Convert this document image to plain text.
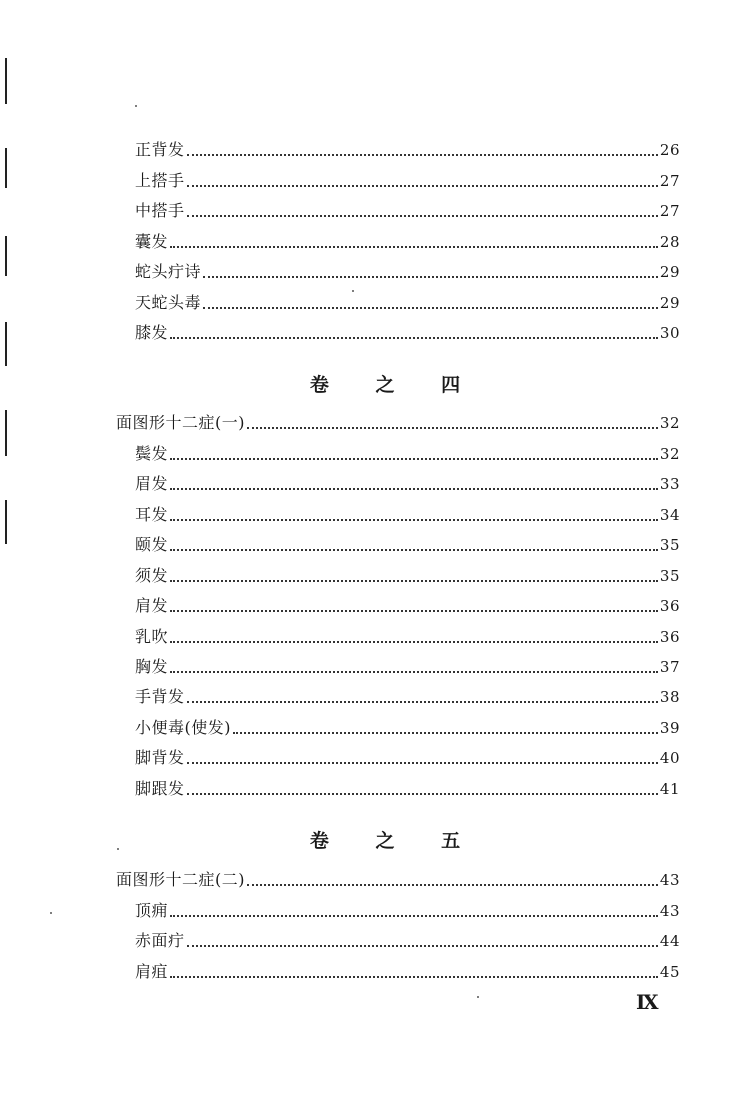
正背发	26
上搭手	27
中搭手	27
囊发	28
蛇头疔诗	29
天蛇头毒	29
膝发	30
卷 之 四
面图形十二症(一)	32
鬓发	32
眉发	33
耳发	34
颐发	35
须发	35
肩发	36
乳吹	36
胸发	37
手背发	38
小便毒(使发)	39
脚背发	40
脚跟发	41
卷 之 五
面图形十二症(二)	43
顶痈	43
赤面疔	44
肩疽	45
Ⅸ
